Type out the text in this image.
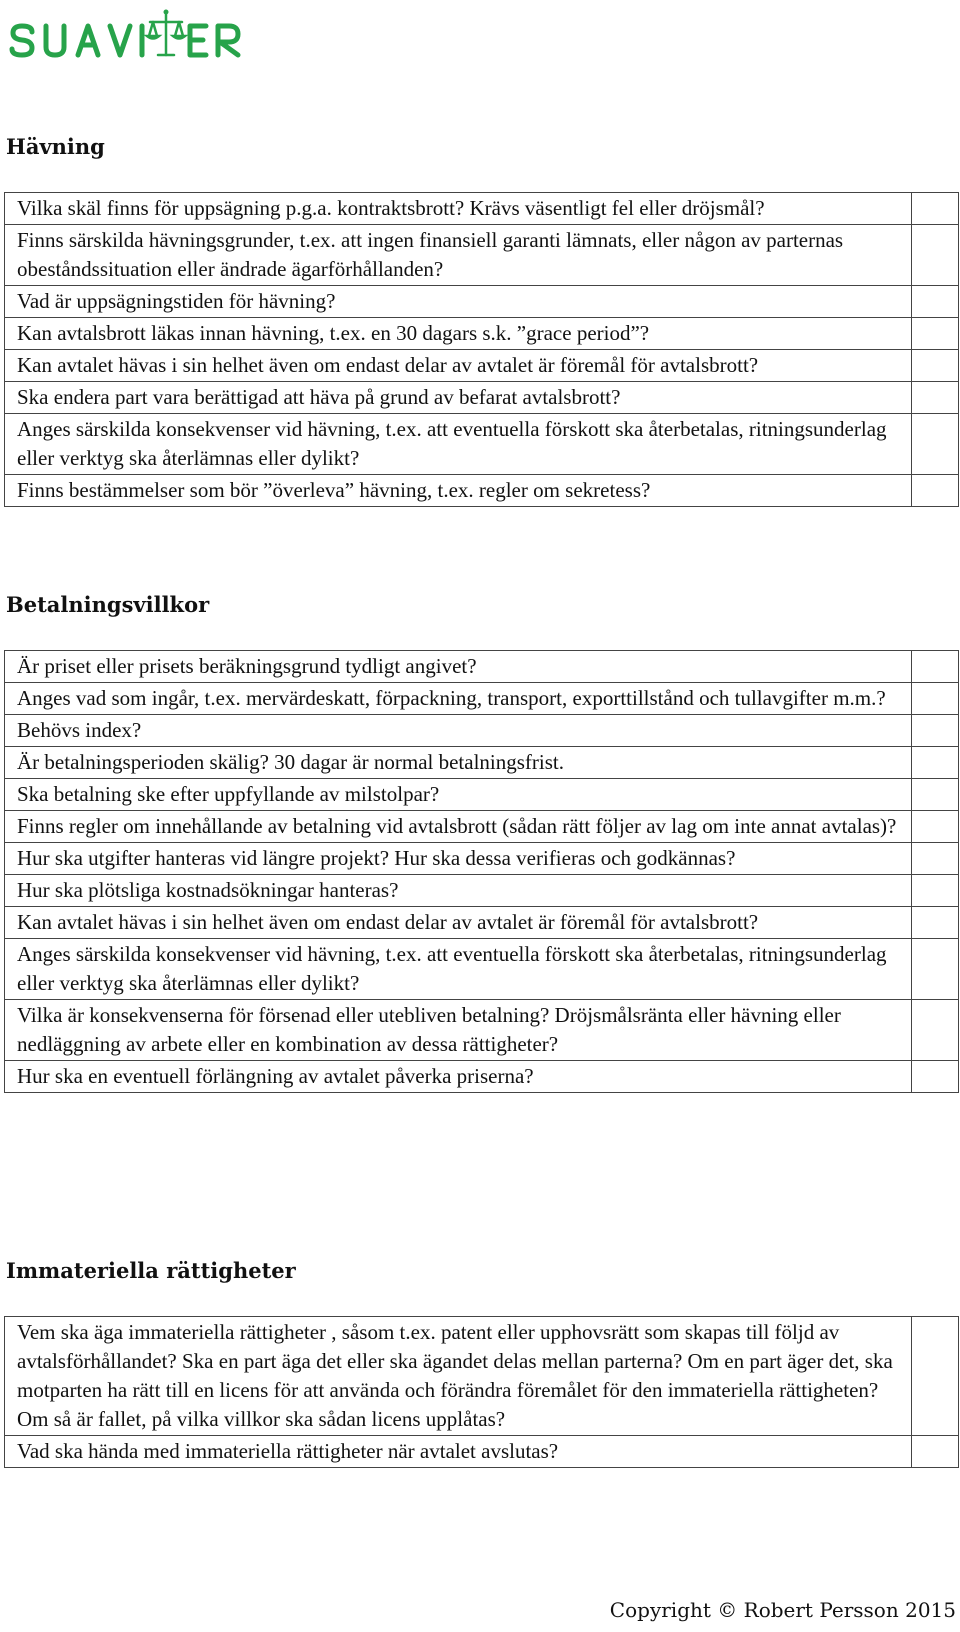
Hävning
Vilka skäl finns för uppsägning p.g.a. kontraktsbrott? Krävs väsentligt fel eller dröjsmål?	
Finns särskilda hävningsgrunder, t.ex. att ingen finansiell garanti lämnats, eller någon av parternas obeståndssituation eller ändrade ägarförhållanden?	
Vad är uppsägningstiden för hävning?	
Kan avtalsbrott läkas innan hävning, t.ex. en 30 dagars s.k. ”grace period”?	
Kan avtalet hävas i sin helhet även om endast delar av avtalet är föremål för avtalsbrott?	
Ska endera part vara berättigad att häva på grund av befarat avtalsbrott?	
Anges särskilda konsekvenser vid hävning, t.ex. att eventuella förskott ska återbetalas, ritningsunderlag eller verktyg ska återlämnas eller dylikt?	
Finns bestämmelser som bör ”överleva” hävning, t.ex. regler om sekretess?	
Betalningsvillkor
Är priset eller prisets beräkningsgrund tydligt angivet?	
Anges vad som ingår, t.ex. mervärdeskatt, förpackning, transport, exporttillstånd och tullavgifter m.m.?	
Behövs index?	
Är betalningsperioden skälig? 30 dagar är normal betalningsfrist.	
Ska betalning ske efter uppfyllande av milstolpar?	
Finns regler om innehållande av betalning vid avtalsbrott (sådan rätt följer av lag om inte annat avtalas)?	
Hur ska utgifter hanteras vid längre projekt? Hur ska dessa verifieras och godkännas?	
Hur ska plötsliga kostnadsökningar hanteras?	
Kan avtalet hävas i sin helhet även om endast delar av avtalet är föremål för avtalsbrott?	
Anges särskilda konsekvenser vid hävning, t.ex. att eventuella förskott ska återbetalas, ritningsunderlag eller verktyg ska återlämnas eller dylikt?	
Vilka är konsekvenserna för försenad eller utebliven betalning? Dröjsmålsränta eller hävning eller nedläggning av arbete eller en kombination av dessa rättigheter?	
Hur ska en eventuell förlängning av avtalet påverka priserna?	
Immateriella rättigheter
Vem ska äga immateriella rättigheter , såsom t.ex. patent eller upphovsrätt som skapas till följd av avtalsförhållandet? Ska en part äga det eller ska ägandet delas mellan parterna? Om en part äger det, ska motparten ha rätt till en licens för att använda och förändra föremålet för den immateriella rättigheten? Om så är fallet, på vilka villkor ska sådan licens upplåtas?	
Vad ska hända med immateriella rättigheter när avtalet avslutas?	
Copyright © Robert Persson 2015
